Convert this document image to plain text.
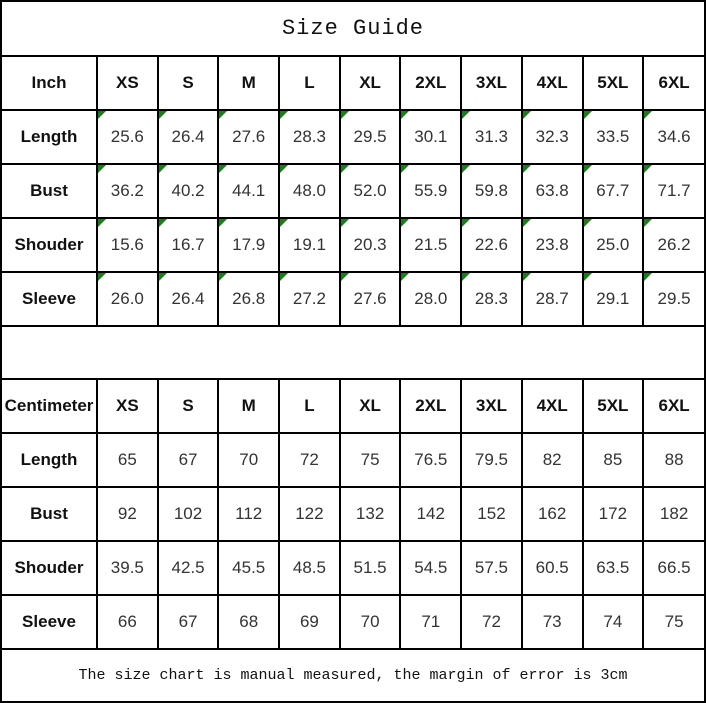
Size Guide
Inch	XS	S	M	L	XL	2XL	3XL	4XL	5XL	6XL
Length	25.6	26.4	27.6	28.3	29.5	30.1	31.3	32.3	33.5	34.6

Bust	36.2	40.2	44.1	48.0	52.0	55.9	59.8	63.8	67.7	71.7

Shouder	15.6	16.7	17.9	19.1	20.3	21.5	22.6	23.8	25.0	26.2

Sleeve	26.0	26.4	26.8	27.2	27.6	28.0	28.3	28.7	29.1	29.5
Centimeter	XS	S	M	L	XL	2XL	3XL	4XL	5XL	6XL
Length	65	67	70	72	75	76.5	79.5	82	85	88
Bust	92	102	112	122	132	142	152	162	172	182
Shouder	39.5	42.5	45.5	48.5	51.5	54.5	57.5	60.5	63.5	66.5
Sleeve	66	67	68	69	70	71	72	73	74	75
The size chart is manual measured, the margin of error is 3cm
